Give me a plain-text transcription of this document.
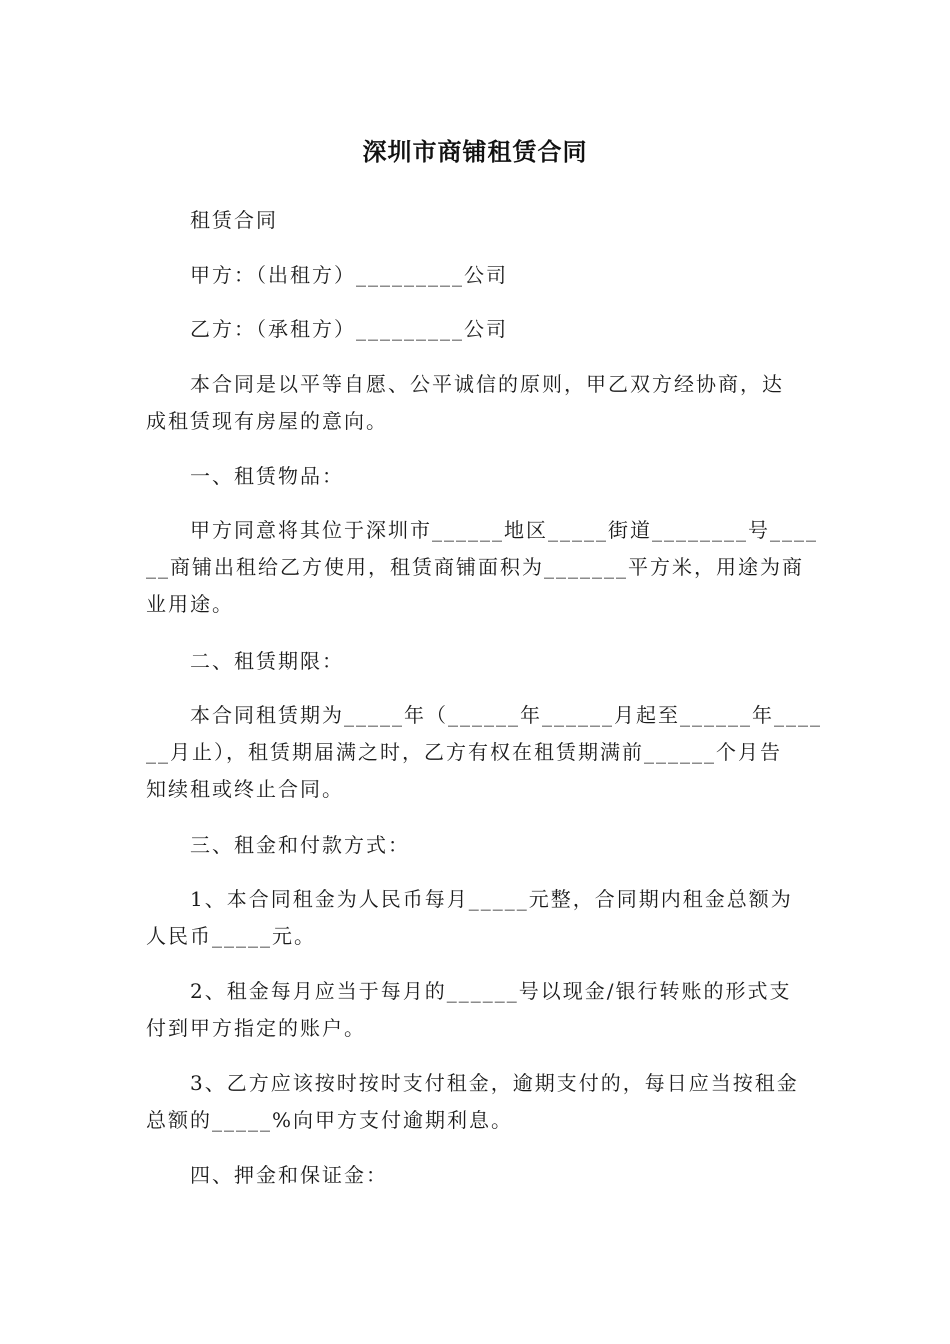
深圳市商铺租赁合同

租赁合同

甲方：（出租方）_________公司

乙方：（承租方）_________公司

本合同是以平等自愿、公平诚信的原则，甲乙双方经协商，达
成租赁现有房屋的意向。

一、租赁物品：

甲方同意将其位于深圳市______地区_____街道________号____
__商铺出租给乙方使用，租赁商铺面积为_______平方米，用途为商
业用途。

二、租赁期限：

本合同租赁期为_____年（______年______月起至______年____
__月止），租赁期届满之时，乙方有权在租赁期满前______个月告
知续租或终止合同。

三、租金和付款方式：

1、本合同租金为人民币每月_____元整，合同期内租金总额为
人民币_____元。

2、租金每月应当于每月的______号以现金/银行转账的形式支
付到甲方指定的账户。

3、乙方应该按时按时支付租金，逾期支付的，每日应当按租金
总额的_____%向甲方支付逾期利息。

四、押金和保证金：
